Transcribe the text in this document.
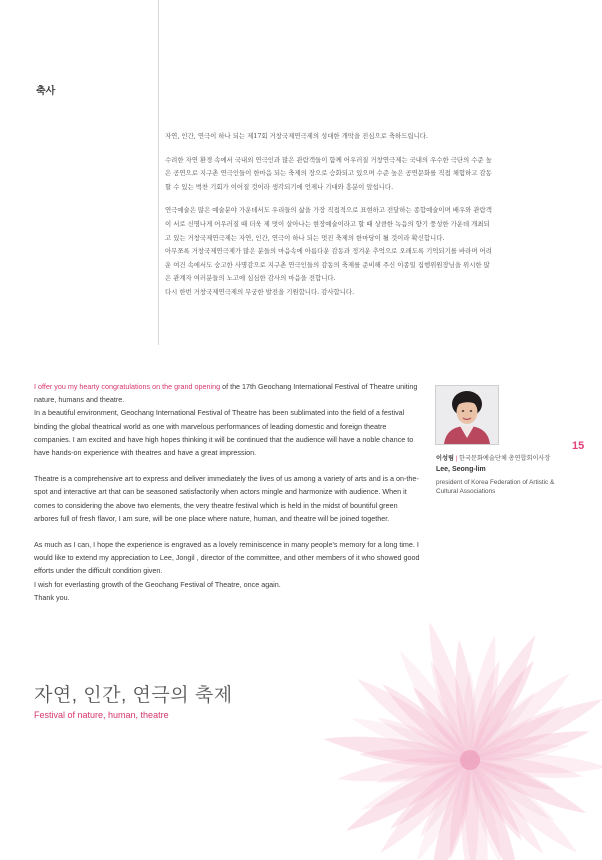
축사

자연, 인간, 연극이 하나 되는 제17회 거창국제연극제의 성대한 개막을 진심으로 축하드립니다.

수려한 자연 환경 속에서 국내외 연극인과 많은 관람객들이 함께 어우러질 거창연극제는 국내의 우수한 극단의 수준 높은 공연으로 지구촌 연극인들이 한마음 되는 축제의 장으로 승화되고 있으며 수준 높은 공연문화를 직접 체험하고 감동할 수 있는 벅찬 기회가 이어질 것이라 생각되기에 언제나 기대와 흥분이 앞섭니다.

연극예술은 많은 예술분야 가운데서도 우리들의 삶을 가장 직접적으로 표현하고 전달하는 종합예술이며 배우와 관람객이 서로 신명나게 어우러질 때 더욱 제 멋이 살아나는 현장예술이라고 할 때 상큼한 녹음의 향기 풍성한 가운데 개최되고 있는 거창국제연극제는 자연, 인간, 연극이 하나 되는 멋진 축제의 한마당이 될 것이라 확신합니다.

아무쪼록 거창국제연극제가 많은 분들의 마음속에 아름다운 감동과 정겨운 추억으로 오래도록 기억되기를 바라며 어려운 여건 속에서도 숭고한 사명감으로 지구촌 연극인들의 감동의 축제를 준비해 주신 이종일 집행위원장님을 위시한 많은 관계자 여러분들의 노고에 심심한 감사의 마음을 전합니다.

다시 한번 거창국제연극제의 무궁한 발전을 기원합니다. 감사합니다.

I offer you my hearty congratulations on the grand opening of the 17th Geochang International Festival of Theatre uniting nature, humans and theatre.
In a beautiful environment, Geochang International Festival of Theatre has been sublimated into the field of a festival binding the global theatrical world as one with marvelous performances of leading domestic and foreign theatre companies. I am excited and have high hopes thinking it will be continued that the audience will have a noble chance to have hands-on experience with theatres and have a great impression.

Theatre is a comprehensive art to express and deliver immediately the lives of us among a variety of arts and is a on-the-spot and interactive art that can be seasoned satisfactorily when actors mingle and harmonize with audience. When it comes to considering the above two elements, the very theatre festival which is held in the midst of bountiful green arbores full of fresh flavor, I am sure, will be one place where nature, human, and theatre will be joined together.

As much as I can, I hope the experience is engraved as a lovely reminiscence in many people's memory for a long time. I would like to extend my appreciation to Lee, Jongil , director of the committee, and other members of it who showed good efforts under the difficult condition given.
I wish for everlasting growth of the Geochang Festival of Theatre, once again.
Thank you.

이성림 | 한국문화예술단체 총연합회이사장
Lee, Seong-lim
president of Korea Federation of Artistic & Cultural Associations
15
자연, 인간, 연극의 축제
Festival of nature, human, theatre
